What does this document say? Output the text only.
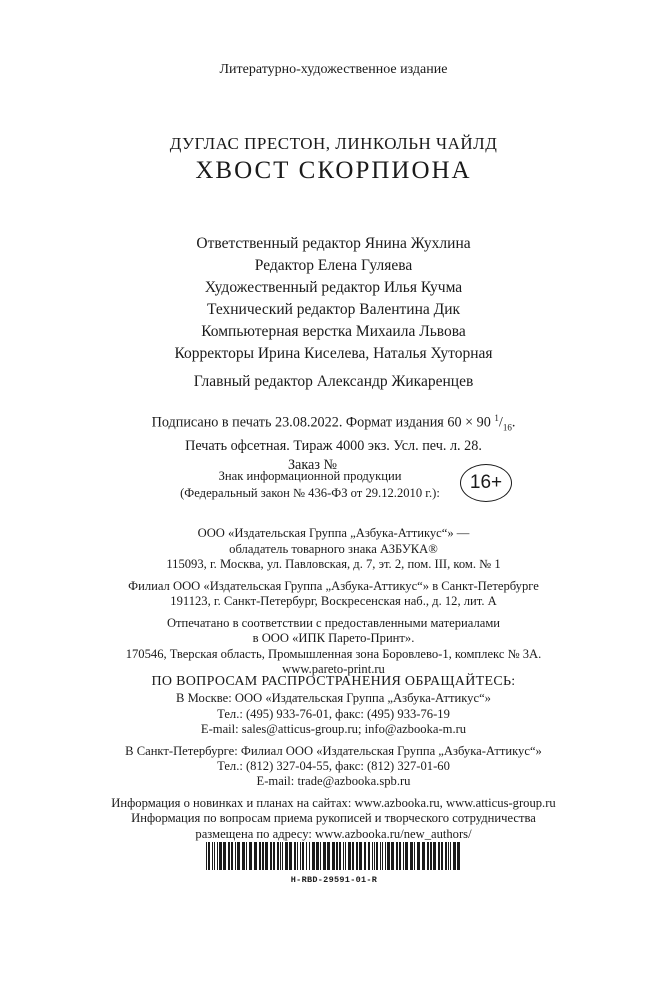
Литературно-художественное издание
ДУГЛАС ПРЕСТОН, ЛИНКОЛЬН ЧАЙЛД
ХВОСТ СКОРПИОНА
Ответственный редактор Янина Жухлина
Редактор Елена Гуляева
Художественный редактор Илья Кучма
Технический редактор Валентина Дик
Компьютерная верстка Михаила Львова
Корректоры Ирина Киселева, Наталья Хуторная
Главный редактор Александр Жикаренцев
Подписано в печать 23.08.2022. Формат издания 60 × 90 $^1/_{16}$.
Печать офсетная. Тираж 4000 экз. Усл. печ. л. 28.
Заказ №
Знак информационной продукции
(Федеральный закон № 436-ФЗ от 29.12.2010 г.):	16+
ООО «Издательская Группа „Азбука-Аттикус“» —
обладатель товарного знака АЗБУКА®
115093, г. Москва, ул. Павловская, д. 7, эт. 2, пом. III, ком. № 1
Филиал ООО «Издательская Группа „Азбука-Аттикус“» в Санкт-Петербурге
191123, г. Санкт-Петербург, Воскресенская наб., д. 12, лит. А
Отпечатано в соответствии с предоставленными материалами
в ООО «ИПК Парето-Принт».
170546, Тверская область, Промышленная зона Боровлево-1, комплекс № 3А.
www.pareto-print.ru
ПО ВОПРОСАМ РАСПРОСТРАНЕНИЯ ОБРАЩАЙТЕСЬ:
В Москве: ООО «Издательская Группа „Азбука-Аттикус“»
Тел.: (495) 933-76-01, факс: (495) 933-76-19
E-mail: sales@atticus-group.ru; info@azbooka-m.ru
В Санкт-Петербурге: Филиал ООО «Издательская Группа „Азбука-Аттикус“»
Тел.: (812) 327-04-55, факс: (812) 327-01-60
E-mail: trade@azbooka.spb.ru
Информация о новинках и планах на сайтах: www.azbooka.ru, www.atticus-group.ru
Информация по вопросам приема рукописей и творческого сотрудничества
размещена по адресу: www.azbooka.ru/new_authors/
H-RBD-29591-01-R
